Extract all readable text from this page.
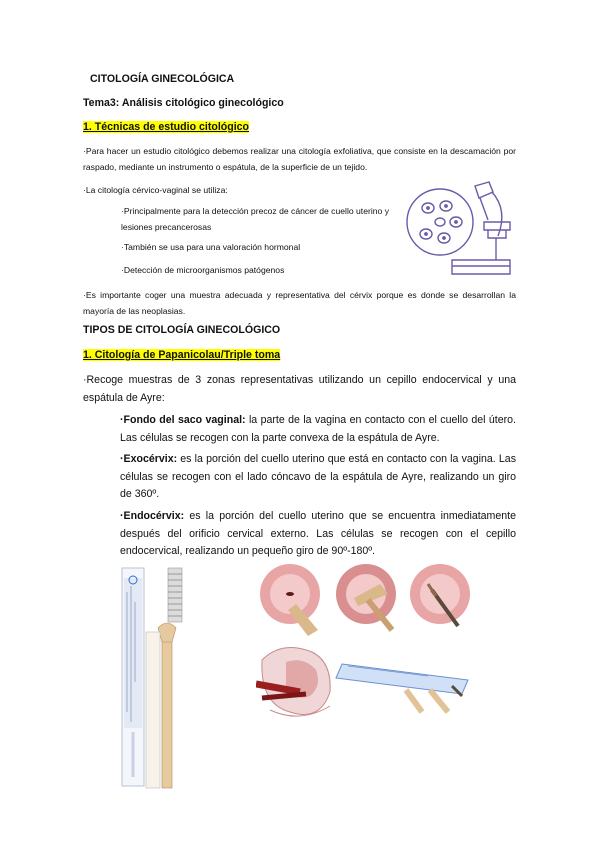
CITOLOGÍA GINECOLÓGICA
Tema3: Análisis citológico ginecológico
1. Técnicas de estudio citológico
·Para hacer un estudio citológico debemos realizar una citología exfoliativa, que consiste en la descamación por raspado, mediante un instrumento o espátula, de la superficie de un tejido.
·La citología cérvico-vaginal se utiliza:
·Principalmente para la detección precoz de cáncer de cuello uterino y lesiones precancerosas
·También se usa para una valoración hormonal
·Detección de microorganismos patógenos
·Es importante coger una muestra adecuada y representativa del cérvix porque es donde se desarrollan la mayoría de las neoplasias.
TIPOS DE CITOLOGÍA GINECOLÓGICO
1. Citología de Papanicolau/Triple toma
·Recoge muestras de 3 zonas representativas utilizando un cepillo endocervical y una espátula de Ayre:
·Fondo del saco vaginal: la parte de la vagina en contacto con el cuello del útero. Las células se recogen con la parte convexa de la espátula de Ayre.
·Exocérvix: es la porción del cuello uterino que está en contacto con la vagina. Las células se recogen con el lado cóncavo de la espátula de Ayre, realizando un giro de 360º.
·Endocérvix: es la porción del cuello uterino que se encuentra inmediatamente después del orificio cervical externo. Las células se recogen con el cepillo endocervical, realizando un pequeño giro de 90º-180º.
